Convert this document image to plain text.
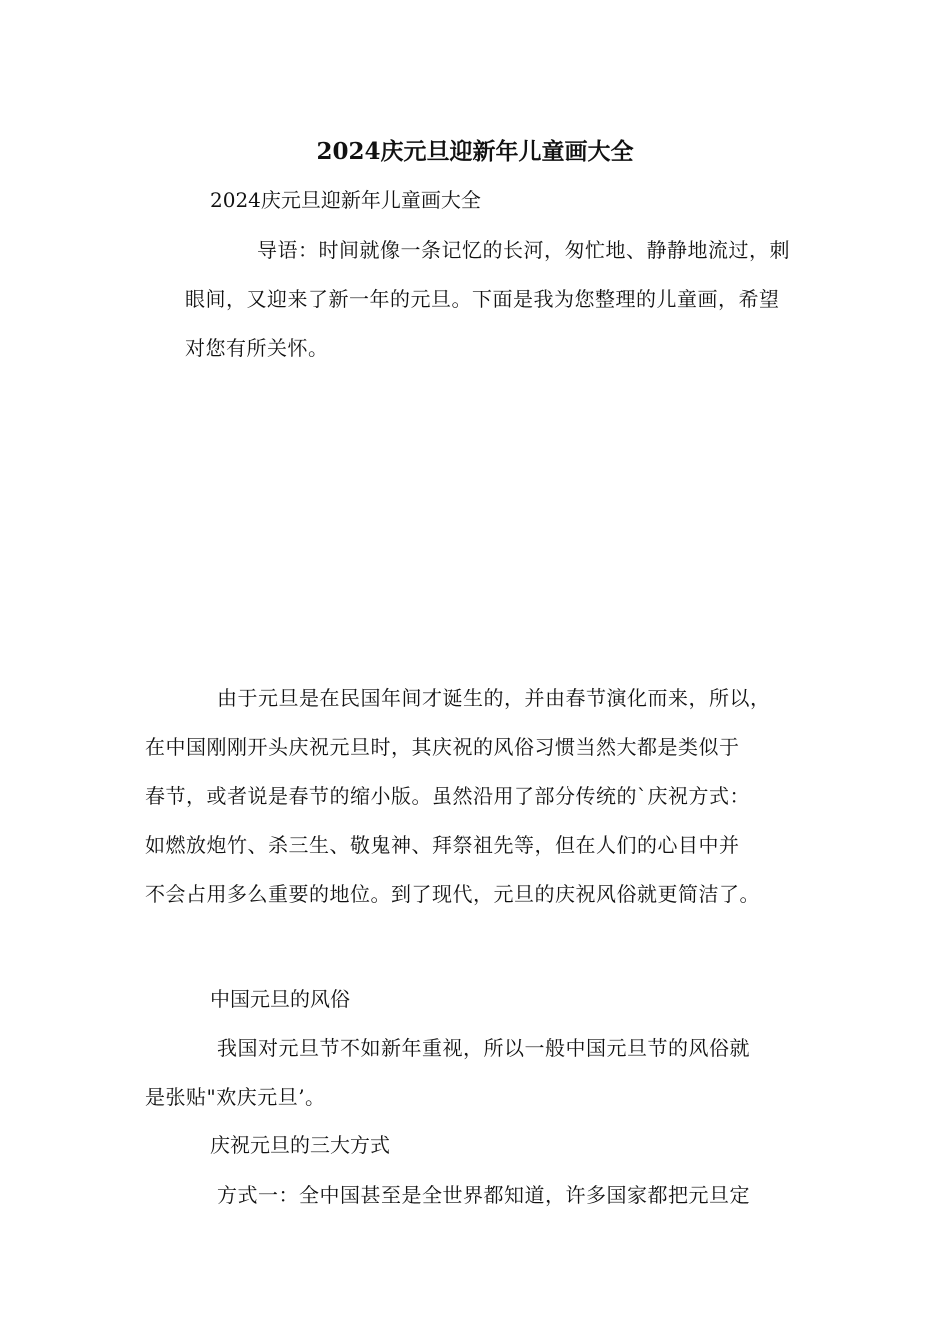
2024庆元旦迎新年儿童画大全

2024庆元旦迎新年儿童画大全

导语：时间就像一条记忆的长河，匆忙地、静静地流过，刺
眼间，又迎来了新一年的元旦。下面是我为您整理的儿童画，希望
对您有所关怀。

由于元旦是在民国年间才诞生的，并由春节演化而来，所以，
在中国刚刚开头庆祝元旦时，其庆祝的风俗习惯当然大都是类似于
春节，或者说是春节的缩小版。虽然沿用了部分传统的`庆祝方式：
如燃放炮竹、杀三生、敬鬼神、拜祭祖先等，但在人们的心目中并
不会占用多么重要的地位。到了现代，元旦的庆祝风俗就更简洁了。

中国元旦的风俗

我国对元旦节不如新年重视，所以一般中国元旦节的风俗就
是张贴"欢庆元旦’。

庆祝元旦的三大方式

方式一：全中国甚至是全世界都知道，许多国家都把元旦定
